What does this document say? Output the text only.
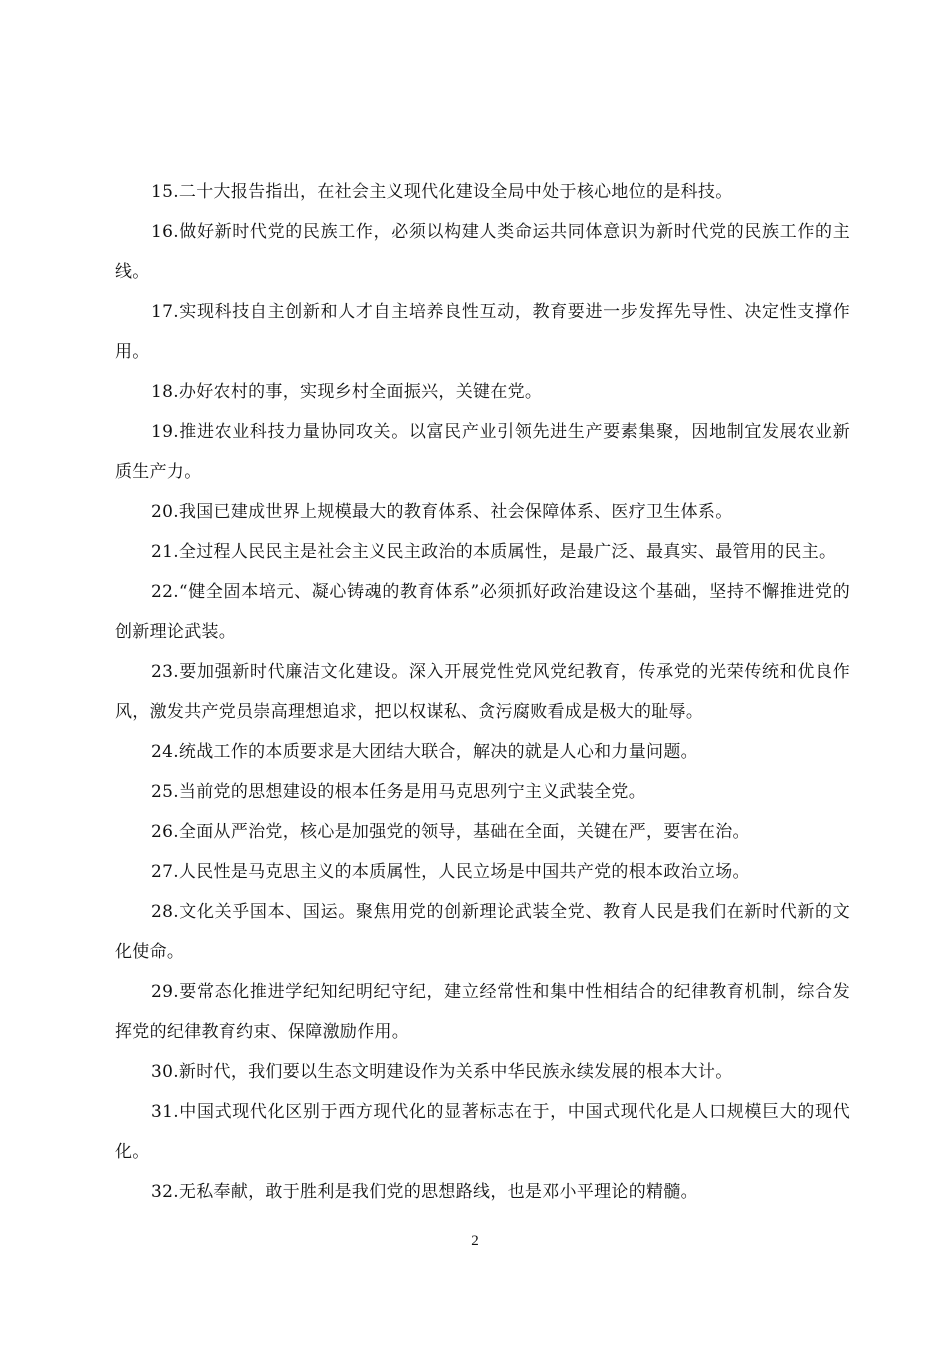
15.二十大报告指出，在社会主义现代化建设全局中处于核心地位的是科技。

16.做好新时代党的民族工作，必须以构建人类命运共同体意识为新时代党的民族工作的主线。

17.实现科技自主创新和人才自主培养良性互动，教育要进一步发挥先导性、决定性支撑作用。

18.办好农村的事，实现乡村全面振兴，关键在党。

19.推进农业科技力量协同攻关。以富民产业引领先进生产要素集聚，因地制宜发展农业新质生产力。

20.我国已建成世界上规模最大的教育体系、社会保障体系、医疗卫生体系。

21.全过程人民民主是社会主义民主政治的本质属性，是最广泛、最真实、最管用的民主。

22.“健全固本培元、凝心铸魂的教育体系”必须抓好政治建设这个基础，坚持不懈推进党的创新理论武装。

23.要加强新时代廉洁文化建设。深入开展党性党风党纪教育，传承党的光荣传统和优良作风，激发共产党员崇高理想追求，把以权谋私、贪污腐败看成是极大的耻辱。

24.统战工作的本质要求是大团结大联合，解决的就是人心和力量问题。

25.当前党的思想建设的根本任务是用马克思列宁主义武装全党。

26.全面从严治党，核心是加强党的领导，基础在全面，关键在严，要害在治。

27.人民性是马克思主义的本质属性，人民立场是中国共产党的根本政治立场。

28.文化关乎国本、国运。聚焦用党的创新理论武装全党、教育人民是我们在新时代新的文化使命。

29.要常态化推进学纪知纪明纪守纪，建立经常性和集中性相结合的纪律教育机制，综合发挥党的纪律教育约束、保障激励作用。

30.新时代，我们要以生态文明建设作为关系中华民族永续发展的根本大计。

31.中国式现代化区别于西方现代化的显著标志在于，中国式现代化是人口规模巨大的现代化。

32.无私奉献，敢于胜利是我们党的思想路线，也是邓小平理论的精髓。

2
